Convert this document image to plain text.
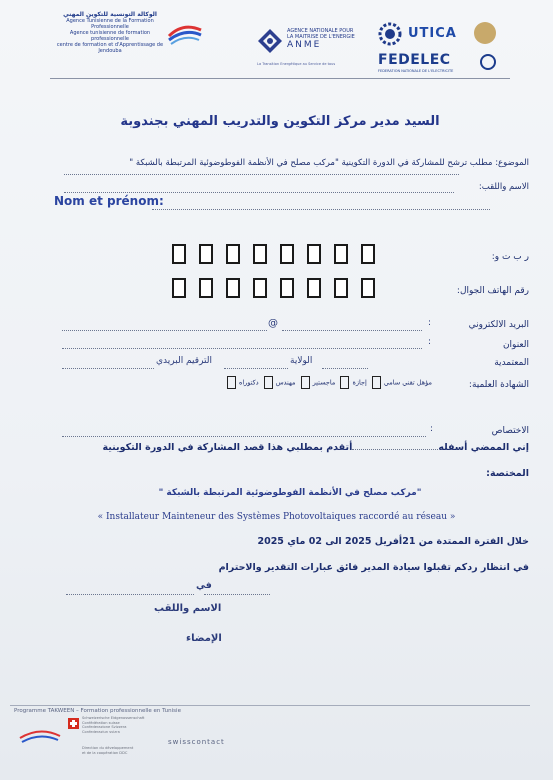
الوكالة التونسية للتكوين المهني
Agence Tunisienne de la Formation Professionnelle
Agence tunisienne de formation professionnelle
centre de formation et d'Apprentissage de Jendouba
AGENCE NATIONALE POUR LA MAITRISE DE L'ENERGIE
ANME
La Transition Energétique au Service de tous
UTICA
FEDELEC
FEDERATION NATIONALE DE L'ELECTRICITE
السيد مدير مركز التكوين والتدريب المهني بجندوبة
الموضوع: مطلب ترشح للمشاركة في الدورة التكوينية "مركب مصلح في الأنظمة الفوطوضوئية المرتبطة بالشبكة "
الاسم واللقب:
Nom et prénom:
ر ب ت و:
رقم الهاتف الجوال:
البريد الالكتروني
:
@
العنوان
:
المعتمدية
الولاية
الترقيم البريدي
الشهادة العلمية:
مؤهل تقني سامي إجازة ماجستير مهندس دكتوراه
الاختصاص
:
إني الممضي أسفلهأتقدم بمطلبي هذا قصد المشاركة في الدورة التكوينية
المختصة:
"مركب مصلح في الأنظمة الفوطوضوئية المرتبطة بالشبكة "
« Installateur Mainteneur des Systèmes Photovoltaiques raccordé au réseau »
خلال الفترة الممتدة من 21أفريل 2025 الى 02 ماي 2025
في انتظار ردكم تقبلوا سيادة المدير فائق عبارات التقدير والاحترام
في
الاسم واللقب
الإمضاء
Programme TAKWEEN – Formation professionnelle en Tunisie
Schweizerische Eidgenossenschaft
Confédération suisse
Confederazione Svizzera
Confederaziun svizra
Direction du développement
et de la coopération DDC
swisscontact
